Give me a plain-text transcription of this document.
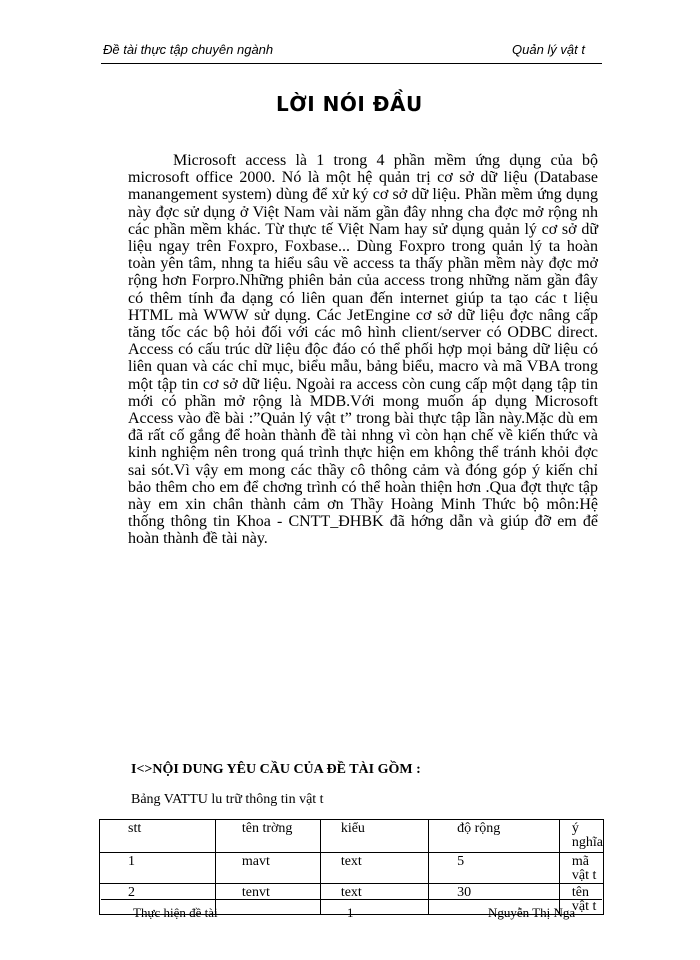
Đề tài thực tập chuyên ngành	Quản lý vật t
LỜI NÓI ĐẦU

Microsoft access là 1 trong 4 phần mềm ứng dụng của bộ microsoft office 2000. Nó là một hệ quản trị cơ sở dữ liệu (Database manangement system) dùng để xử ký cơ sở dữ liệu. Phần mềm ứng dụng này đợc sử dụng ở Việt Nam vài năm gần đây nhng cha đợc mở rộng nh các phần mềm khác. Từ thực tế Việt Nam hay sử dụng quản lý cơ sở dữ liệu ngay trên Foxpro, Foxbase... Dùng Foxpro trong quản lý ta hoàn toàn yên tâm, nhng ta hiểu sâu về access ta thấy phần mềm này đợc mở rộng hơn Forpro.Những phiên bản của access trong những năm gần đây có thêm tính đa dạng có liên quan đến internet giúp ta tạo các t liệu HTML mà WWW sử dụng. Các JetEngine cơ sở dữ liệu đợc nâng cấp tăng tốc các bộ hỏi đối với các mô hình client/server có ODBC direct. Access có cấu trúc dữ liệu độc đáo có thể phối hợp mọi bảng dữ liệu có liên quan và các chỉ mục, biểu mẫu, bảng biểu, macro và mã VBA trong một tập tin cơ sở dữ liệu. Ngoài ra access còn cung cấp một dạng tập tin mới có phần mở rộng là MDB.Với mong muốn áp dụng Microsoft Access vào đề bài :”Quản lý vật t” trong bài thực tập lần này.Mặc dù em đã rất cố gắng để hoàn thành đề tài nhng vì còn hạn chế về kiến thức và kinh nghiệm nên trong quá trình thực hiện em không thể tránh khỏi đợc sai sót.Vì vậy em mong các thầy cô thông cảm và đóng góp ý kiến chỉ bảo thêm cho em để chơng trình có thể hoàn thiện hơn .Qua đợt thực tập này em xin chân thành cảm ơn Thầy Hoàng Minh Thức bộ môn:Hệ thống thông tin Khoa - CNTT_ĐHBK đã hớng dẫn và giúp đỡ em để hoàn thành đề tài này.

I<>NỘI DUNG YÊU CẦU CỦA ĐỀ TÀI GỒM :
Bảng VATTU lu trữ thông tin vật t
stt	tên trờng	kiểu	độ rộng	ý nghĩa
1	mavt	text	5	mã vật t
2	tenvt	text	30	tên vật t
Thực hiện đề tài	1	Nguyễn Thị Nga
